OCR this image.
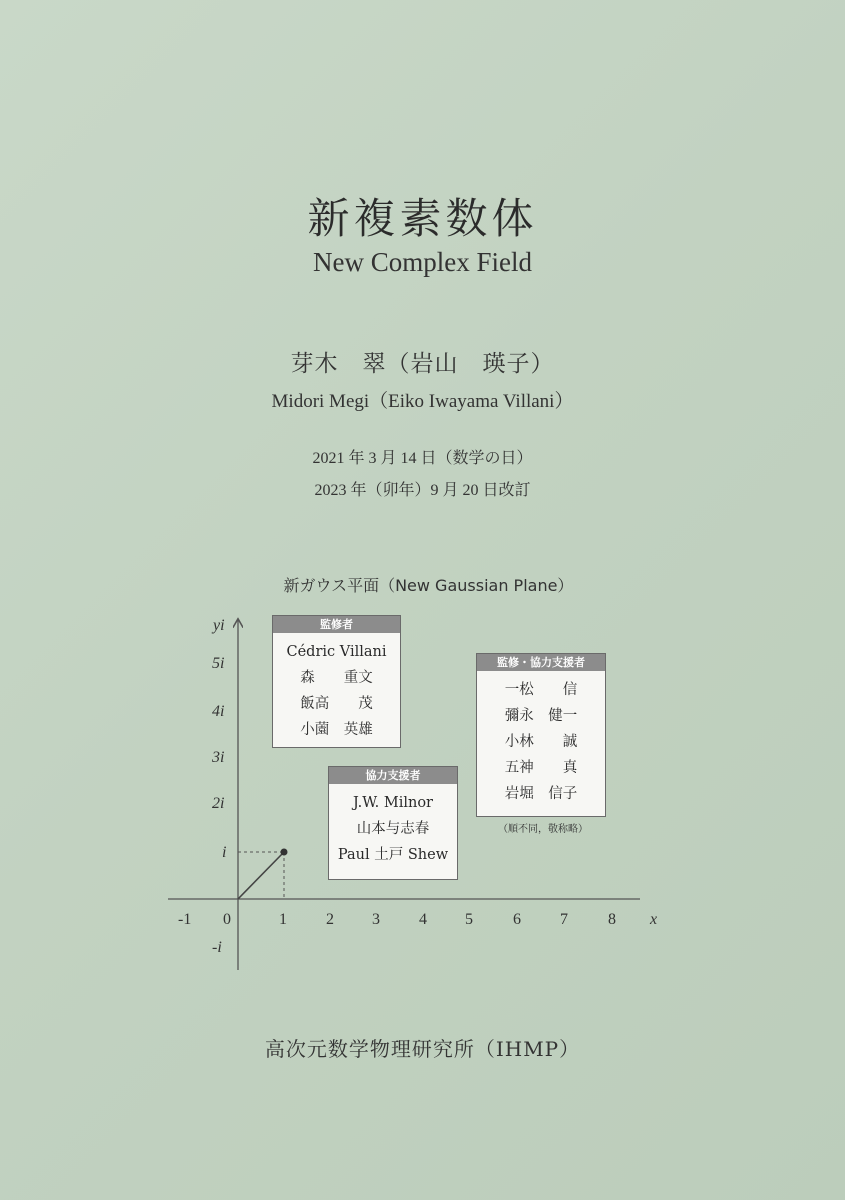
新複素数体
New Complex Field
芽木　翠（岩山　瑛子）
Midori Megi（Eiko Iwayama Villani）
2021 年 3 月 14 日（数学の日）
2023 年（卯年）9 月 20 日改訂
新ガウス平面（New Gaussian Plane）
yi
x
-1 0	1 2 3 4 5	6 7	8
5i
4i
3i
2i
i
-i
監修者
Cédric Villani
森　　重文
飯高　　茂
小薗　英雄
監修・協力支援者
一松　　信
彌永　健一
小林　　誠
五神　　真
岩堀　信子
（順不同，敬称略）
協力支援者
J.W. Milnor
山本与志春
Paul 土戸 Shew
高次元数学物理研究所（IHMP）
